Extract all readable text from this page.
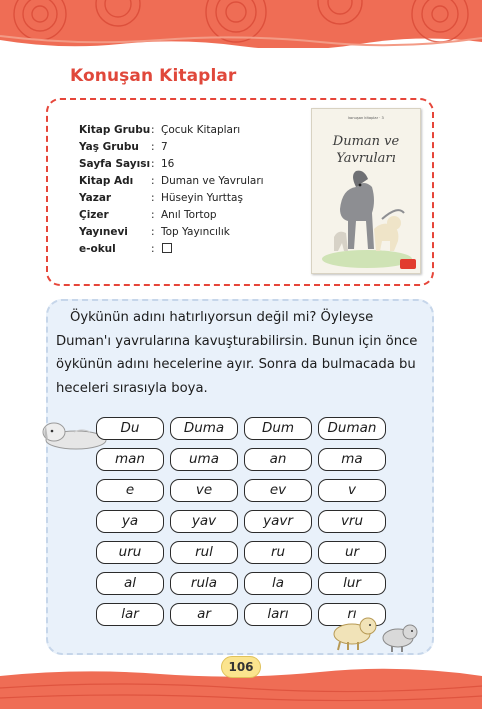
Konuşan Kitaplar
Kitap Grubu : Çocuk Kitapları
Yaş Grubu	: 7
Sayfa Sayısı : 16
Kitap Adı	: Duman ve Yavruları
Yazar	: Hüseyin Yurttaş
Çizer	: Anıl Tortop
Yayınevi	: Top Yayıncılık
e-okul	:
konuşan kitaplar · 3
Duman ve
Yavruları
Öykünün adını hatırlıyorsun değil mi? Öyleyse Duman'ı yavrularına kavuşturabilirsin. Bunun için önce öykünün adını hecelerine ayır. Sonra da bulmacada bu heceleri sırasıyla boya.
Du	Duma	Dum	Duman
man	uma	an	ma
e	ve	ev	v
ya	yav	yavr	vru
uru	rul	ru	ur
al	rula	la	lur
lar	ar	ları	rı
106
